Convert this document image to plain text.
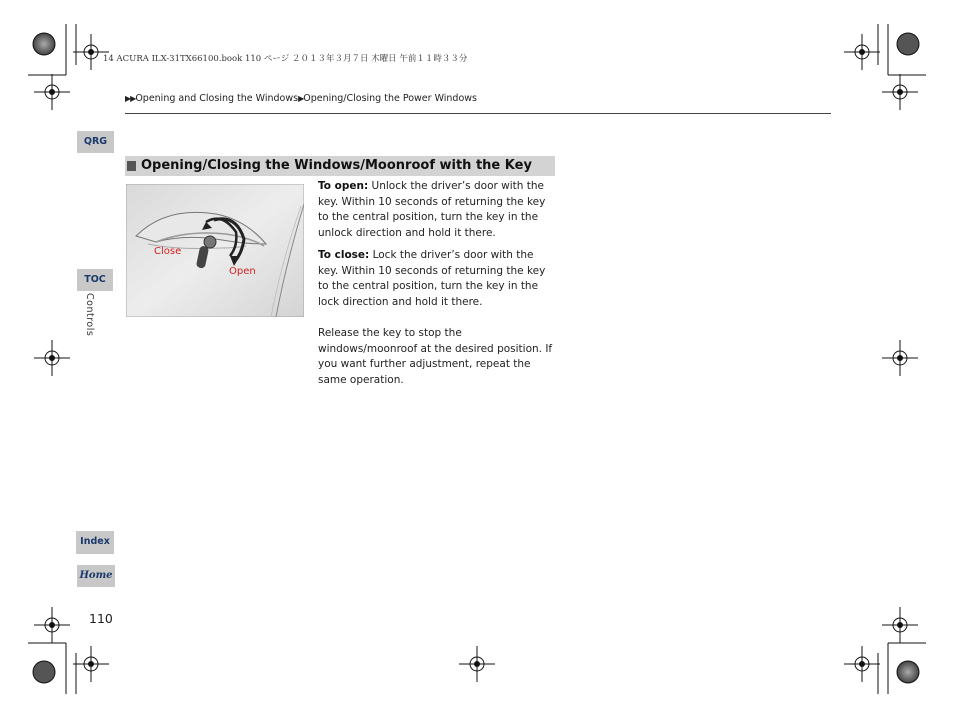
14 ACURA ILX-31TX66100.book 110 ページ ２０１３年３月７日 木曜日 午前１１時３３分
▶▶Opening and Closing the Windows▶Opening/Closing the Power Windows
QRG
TOC
Controls
Index
Home
Opening/Closing the Windows/Moonroof with the Key
Close
Open
To open: Unlock the driver’s door with the key. Within 10 seconds of returning the key to the central position, turn the key in the unlock direction and hold it there.
To close: Lock the driver’s door with the key. Within 10 seconds of returning the key to the central position, turn the key in the lock direction and hold it there.
Release the key to stop the windows/moonroof at the desired position. If you want further adjustment, repeat the same operation.
110
